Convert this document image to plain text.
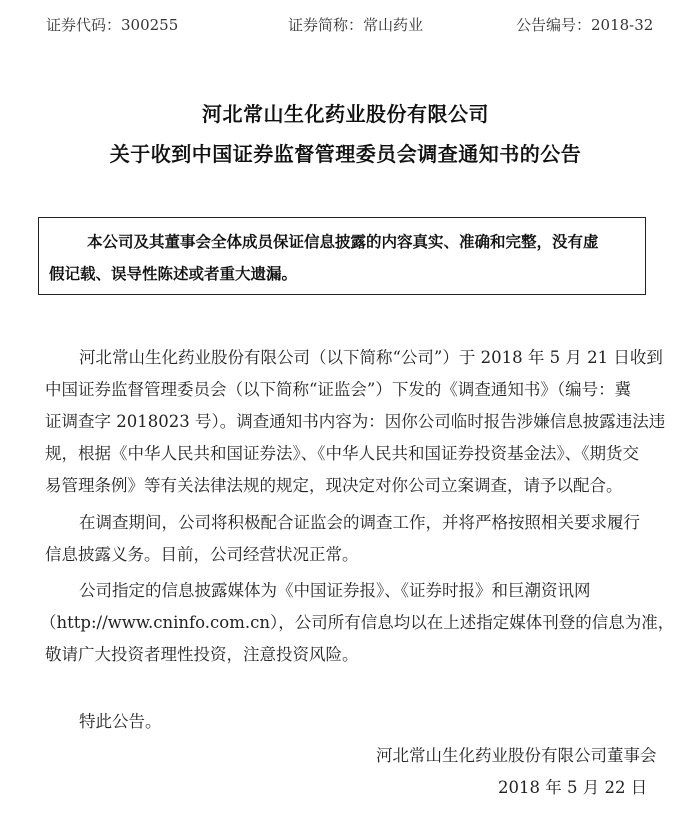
证券代码：300255	证券简称：常山药业	公告编号：2018-32
河北常山生化药业股份有限公司
关于收到中国证券监督管理委员会调查通知书的公告
本公司及其董事会全体成员保证信息披露的内容真实、准确和完整，没有虚
假记载、误导性陈述或者重大遗漏。
河北常山生化药业股份有限公司（以下简称“公司”）于 2018 年 5 月 21 日收到
中国证券监督管理委员会（以下简称“证监会”）下发的《调查通知书》（编号：冀
证调查字 2018023 号）。调查通知书内容为：因你公司临时报告涉嫌信息披露违法违
规，根据《中华人民共和国证券法》、《中华人民共和国证券投资基金法》、《期货交
易管理条例》等有关法律法规的规定，现决定对你公司立案调查，请予以配合。
在调查期间，公司将积极配合证监会的调查工作，并将严格按照相关要求履行
信息披露义务。目前，公司经营状况正常。
公司指定的信息披露媒体为《中国证券报》、《证券时报》和巨潮资讯网
（http://www.cninfo.com.cn），公司所有信息均以在上述指定媒体刊登的信息为准，
敬请广大投资者理性投资，注意投资风险。
特此公告。
河北常山生化药业股份有限公司董事会
2018 年 5 月 22 日
